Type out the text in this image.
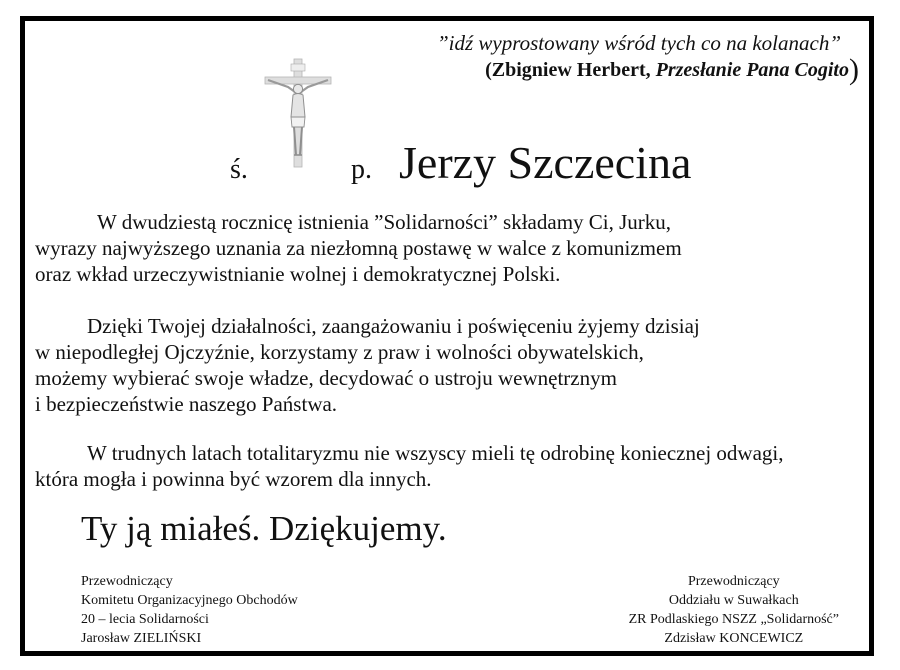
”idź wyprostowany wśród tych co na kolanach”
(Zbigniew Herbert, Przesłanie Pana Cogito)
ś.	p. Jerzy Szczecina
W dwudziestą rocznicę istnienia ”Solidarności” składamy Ci, Jurku,
wyrazy najwyższego uznania za niezłomną postawę w walce z komunizmem
oraz wkład urzeczywistnianie wolnej i demokratycznej Polski.
Dzięki Twojej działalności, zaangażowaniu i poświęceniu żyjemy dzisiaj
w niepodległej Ojczyźnie, korzystamy z praw i wolności obywatelskich,
możemy wybierać swoje władze, decydować o ustroju wewnętrznym
i bezpieczeństwie naszego Państwa.
W trudnych latach totalitaryzmu nie wszyscy mieli tę odrobinę koniecznej odwagi,
która mogła i powinna być wzorem dla innych.
Ty ją miałeś. Dziękujemy.
Przewodniczący
Komitetu Organizacyjnego Obchodów
20 – lecia Solidarności
Jarosław ZIELIŃSKI
Przewodniczący
Oddziału w Suwałkach
ZR Podlaskiego NSZZ „Solidarność”
Zdzisław KONCEWICZ
